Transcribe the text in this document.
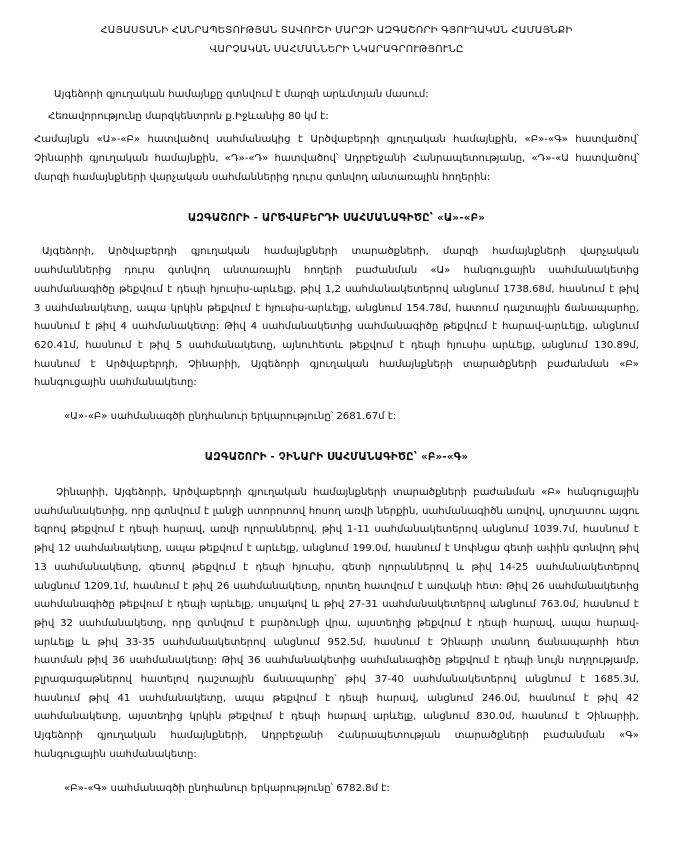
ՀԱՅԱՍՏԱՆԻ ՀԱՆՐԱՊԵՏՈՒԹՅԱՆ ՏԱՎՈՒՇԻ ՄԱՐԶԻ ԱԶԳԱՇՈՐԻ ԳՅՈՒՂԱԿԱՆ ՀԱՄԱՅՆՔԻ
ՎԱՐՉԱԿԱՆ ՍԱՀՄԱՆՆԵՐԻ ՆԿԱՐԱԳՐՈՒԹՅՈՒՆԸ

Այգեձորի գյուղական համայնքը գտնվում է մարզի արևմտյան մասում:

Հեռավորությունը մարզկենտրոն ք.Իջևանից 80 կմ է:

Համայնքն «Ա»-«Բ» հատվածով սահմանակից է Արծվաբերդի գյուղական համայնքին, «Բ»-«Գ» հատվածով՝ Չինարիի գյուղական համայնքին, «Դ»-«Դ» հատվածով՝ Ադրբեջանի Հանրապետությանը, «Դ»-«Ա հատվածով՝ մարզի համայնքների վարչական սահմաններից դուրս գտնվող անտառային հողերին:

ԱԶԳԱՇՈՐԻ - ԱՐԾՎԱԲԵՐԴԻ ՍԱՀՄԱՆԱԳԻԾԸ՝ «Ա»-«Բ»

Այգեձորի, Արծվաբերդի գյուղական համայնքների տարածքների, մարզի համայնքների վարչական սահմաններից դուրս գտնվող անտառային հողերի բաժանման «Ա» հանգուցային սահմանակետից սահմանագիծը թեքվում է դեպի հյուսիս-արևելք, թիվ 1,2 սահմանակետերով անցնում 1738.68մ, հասնում է թիվ 3 սահմանակետը, ապա կրկին թեքվում է հյուսիս-արևելք, անցնում 154.78մ, հատում դաշտային ճանապարհը, հասնում է թիվ 4 սահմանակետը: Թիվ 4 սահմանակետից սահմանագիծը թեքվում է հարավ-արևելք, անցնում 620.41մ, հասնում է թիվ 5 սահմանակետը, այնուհետև թեքվում է դեպի հյուսիս արևելք, անցնում 130.89մ, հասնում է Արծվաբերդի, Չինարիի, Այգեձորի գյուղական համայնքների տարածքների բաժանման «Բ» հանգուցային սահմանակետը:

«Ա»-«Բ» սահմանագծի ընդհանուր երկարությունը՝ 2681.67մ է:

ԱԶԳԱՇՈՐԻ - ՉԻՆԱՐԻ ՍԱՀՄԱՆԱԳԻԾԸ՝ «Բ»-«Գ»

Չինարիի, Այգեձորի, Արծվաբերդի գյուղական համայնքների տարածքների բաժանման «Բ» հանգուցային սահմանակետից, որը գտնվում է լանջի ստորոտով հոսող առվի ներքին, սահմանագիծն առվով, սյուղատու այգու եզրով թեքվում է դեպի հարավ, առվի ոլորաններով, թիվ 1-11 սահմանակետերով անցնում 1039.7մ, հասնում է թիվ 12 սահմանակետը, ապա թեքվում է արևելք, անցնում 199.0մ, հասնում է Սոփնցա գետի ափին գտնվող թիվ 13 սահմանակետը, գետով թեքվում է դեպի հյուսիս, գետի ոլորաններով և թիվ 14-25 սահմանակետերով անցնում 1209.1մ, հասնում է թիվ 26 սահմանակետը, որտեղ հատվում է առվակի հետ: Թիվ 26 սահմանակետից սահմանագիծը թեքվում է դեպի արևելք, սույակով և թիվ 27-31 սահմանակետերով անցնում 763.0մ, հասնում է թիվ 32 սահմանակետը, որը գտնվում է բարձունքի վրա, այստեղից թեքվում է դեպի հարավ, ապա հարավ-արևելք և թիվ 33-35 սահմանակետերով անցնում 952.5մ, հասնում է Չինարի տանող ճանապարհի հետ հատման թիվ 36 սահմանակետը: Թիվ 36 սահմանակետից սահմանագիծը թեքվում է դեպի նույն ուղղությամբ, բլրագագաթներով հատելով դաշտային ճանապարհը՝ թիվ 37-40 սահմանակետերով անցնում է 1685.3մ, հասնում թիվ 41 սահմանակետը, ապա թեքվում է դեպի հարավ, անցնում 246.0մ, հասնում է թիվ 42 սահմանակետը, այստեղից կրկին թեքվում է դեպի հարավ արևելք, անցնում 830.0մ, հասնում է Չինարիի, Այգեձորի գյուղական համայնքների, Ադրբեջանի Հանրապետության տարածքների բաժանման «Գ» հանգուցային սահմանակետը:

«Բ»-«Գ» սահմանագծի ընդհանուր երկարությունը՝ 6782.8մ է:
